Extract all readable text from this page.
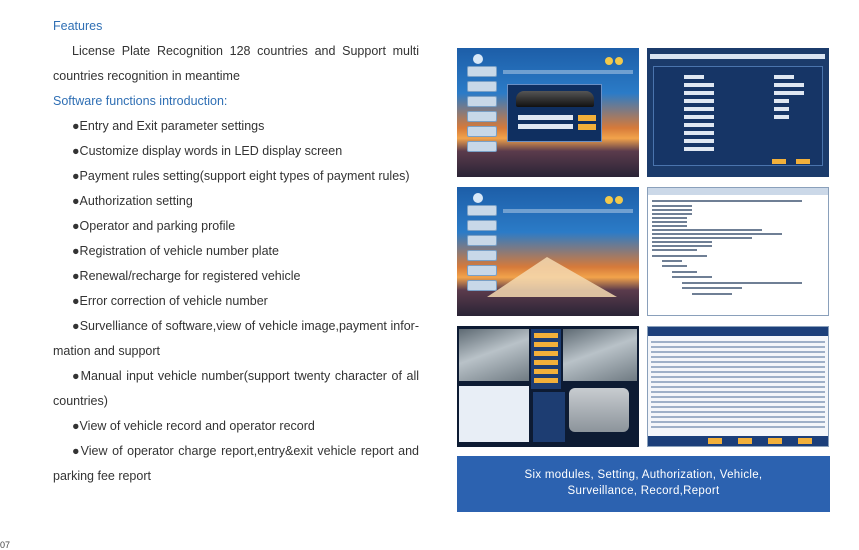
Features
License Plate Recognition 128 countries and Support multi countries recognition in meantime
Software functions introduction:
●Entry and Exit parameter settings
●Customize display words in LED display screen
●Payment rules setting(support eight types of payment rules)
●Authorization setting
●Operator and parking profile
●Registration of vehicle number plate
●Renewal/recharge for registered vehicle
●Error correction of vehicle number
●Survelliance of software,view of vehicle image,payment infor-mation and support
●Manual input vehicle number(support twenty character of all countries)
●View of vehicle record and operator record
●View of operator charge report,entry&exit vehicle report and parking fee report	Six modules, Setting, Authorization, Vehicle,
Surveillance, Record,Report
07
